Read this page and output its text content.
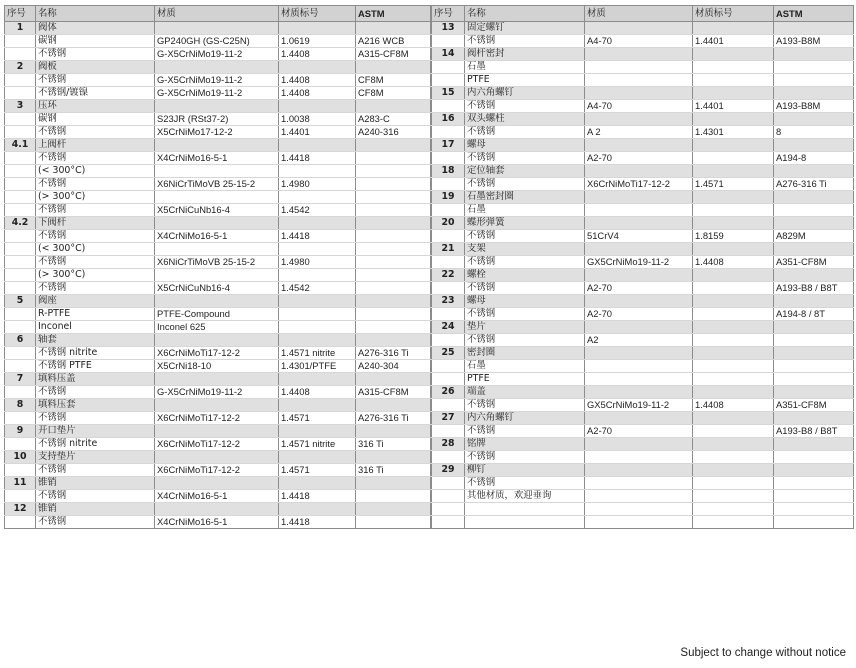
序号	名称	材质	材质标号	ASTM
1	阀体			
	碳钢	GP240GH (GS-C25N)	1.0619	A216 WCB
	不锈钢	G-X5CrNiMo19-11-2	1.4408	A315-CF8M
2	阀板			
	不锈钢	G-X5CrNiMo19-11-2	1.4408	CF8M
	不锈钢/镀镍	G-X5CrNiMo19-11-2	1.4408	CF8M
3	压环			
	碳钢	S23JR (RSt37-2)	1.0038	A283-C
	不锈钢	X5CrNiMo17-12-2	1.4401	A240-316
4.1	上阀杆			
	不锈钢	X4CrNiMo16-5-1	1.4418	
	(< 300°C)			
	不锈钢	X6NiCrTiMoVB 25-15-2	1.4980	
	(> 300°C)			
	不锈钢	X5CrNiCuNb16-4	1.4542	
4.2	下阀杆			
	不锈钢	X4CrNiMo16-5-1	1.4418	
	(< 300°C)			
	不锈钢	X6NiCrTiMoVB 25-15-2	1.4980	
	(> 300°C)			
	不锈钢	X5CrNiCuNb16-4	1.4542	
5	阀座			
	R-PTFE	PTFE-Compound		
	Inconel	Inconel 625		
6	轴套			
	不锈钢 nitrite	X6CrNiMoTi17-12-2	1.4571 nitrite	A276-316 Ti
	不锈钢 PTFE	X5CrNi18-10	1.4301/PTFE	A240-304
7	填料压盖			
	不锈钢	G-X5CrNiMo19-11-2	1.4408	A315-CF8M
8	填料压套			
	不锈钢	X6CrNiMoTi17-12-2	1.4571	A276-316 Ti
9	开口垫片			
	不锈钢 nitrite	X6CrNiMoTi17-12-2	1.4571 nitrite	316 Ti
10	支持垫片			
	不锈钢	X6CrNiMoTi17-12-2	1.4571	316 Ti
11	锥销			
	不锈钢	X4CrNiMo16-5-1	1.4418	
12	锥销			
	不锈钢	X4CrNiMo16-5-1	1.4418	
序号	名称	材质	材质标号	ASTM
13	固定螺钉			
	不锈钢	A4-70	1.4401	A193-B8M
14	阀杆密封			
	石墨			
	PTFE			
15	内六角螺钉			
	不锈钢	A4-70	1.4401	A193-B8M
16	双头螺柱			
	不锈钢	A 2	1.4301	8
17	螺母			
	不锈钢	A2-70		A194-8
18	定位轴套			
	不锈钢	X6CrNiMoTi17-12-2	1.4571	A276-316 Ti
19	石墨密封圈			
	石墨			
20	蝶形弹簧			
	不锈钢	51CrV4	1.8159	A829M
21	支架			
	不锈钢	GX5CrNiMo19-11-2	1.4408	A351-CF8M
22	螺栓			
	不锈钢	A2-70		A193-B8 / B8T
23	螺母			
	不锈钢	A2-70		A194-8 / 8T
24	垫片			
	不锈钢	A2		
25	密封圈			
	石墨			
	PTFE			
26	端盖			
	不锈钢	GX5CrNiMo19-11-2	1.4408	A351-CF8M
27	内六角螺钉			
	不锈钢	A2-70		A193-B8 / B8T
28	铭牌			
	不锈钢			
29	柳钉			
	不锈钢			
	其他材质，欢迎垂询			

Subject to change without notice
